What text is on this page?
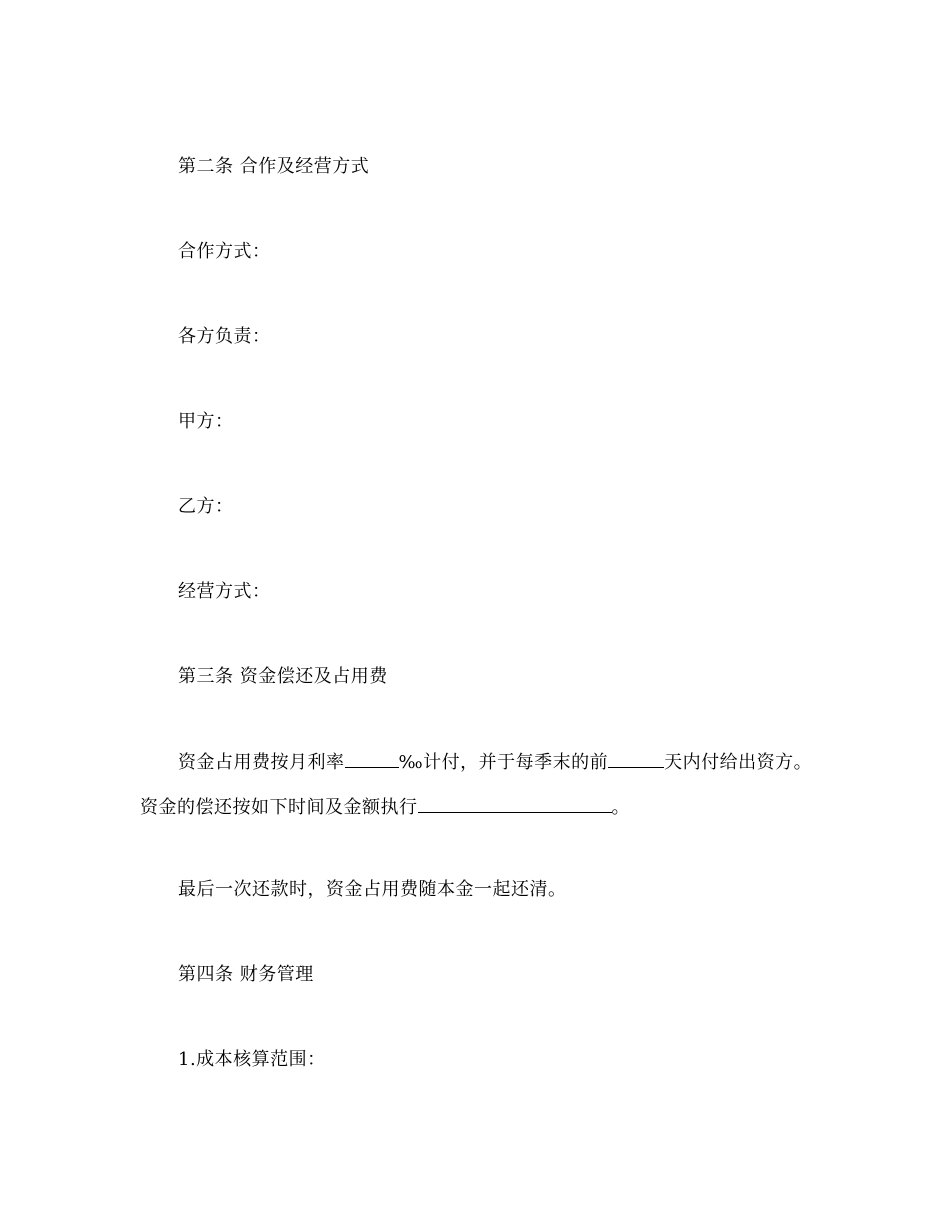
第二条 合作及经营方式
合作方式：
各方负责：
甲方：
乙方：
经营方式：
第三条 资金偿还及占用费
资金占用费按月利率	‰计付，并于每季末的前	天内付给出资方。
资金的偿还按如下时间及金额执行	。
最后一次还款时，资金占用费随本金一起还清。
第四条 财务管理
1.成本核算范围：
